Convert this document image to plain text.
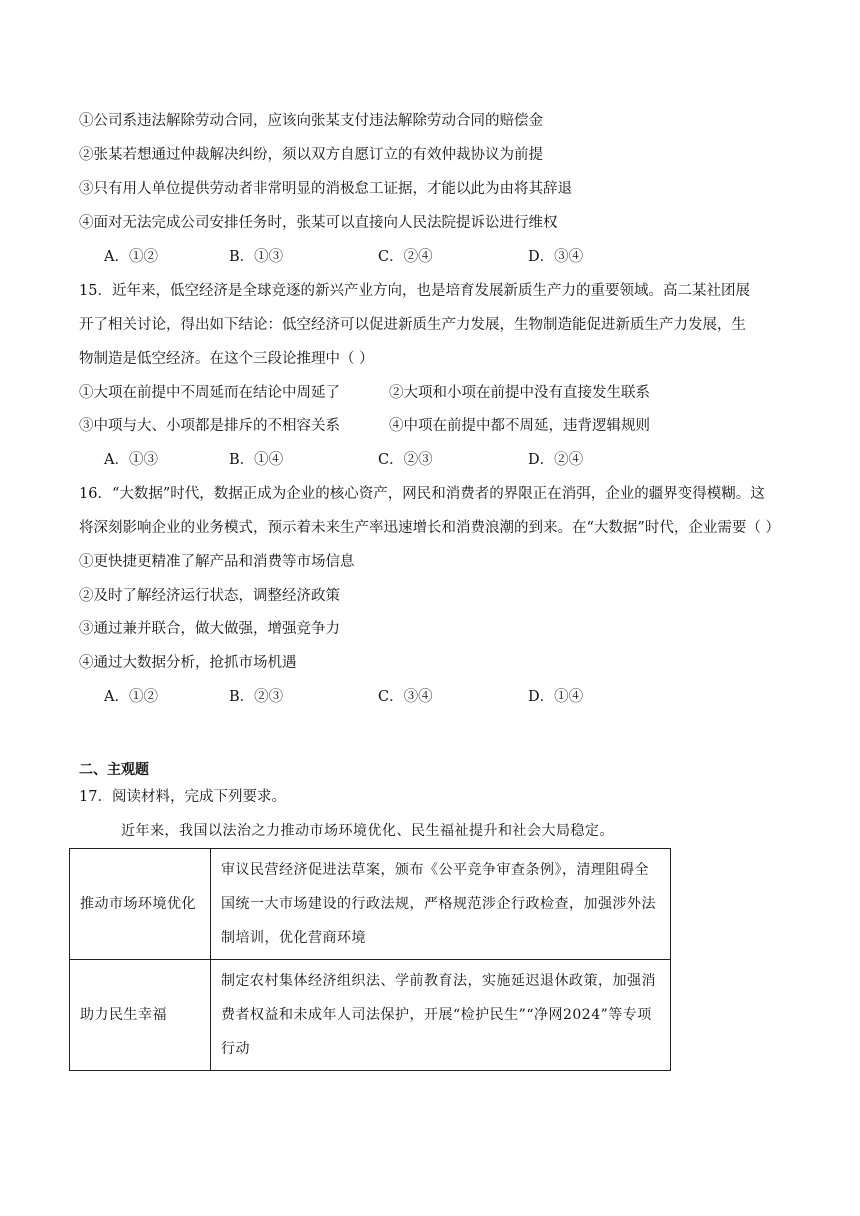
①公司系违法解除劳动合同，应该向张某支付违法解除劳动合同的赔偿金
②张某若想通过仲裁解决纠纷，须以双方自愿订立的有效仲裁协议为前提
③只有用人单位提供劳动者非常明显的消极怠工证据，才能以此为由将其辞退
④面对无法完成公司安排任务时，张某可以直接向人民法院提诉讼进行维权
A．①②	B．①③	C．②④	D．③④
15．近年来，低空经济是全球竞逐的新兴产业方向，也是培育发展新质生产力的重要领域。高二某社团展
开了相关讨论，得出如下结论：低空经济可以促进新质生产力发展，生物制造能促进新质生产力发展，生
物制造是低空经济。在这个三段论推理中（ ）
①大项在前提中不周延而在结论中周延了	②大项和小项在前提中没有直接发生联系
③中项与大、小项都是排斥的不相容关系	④中项在前提中都不周延，违背逻辑规则
A．①③	B．①④	C．②③	D．②④
16．“大数据”时代，数据正成为企业的核心资产，网民和消费者的界限正在消弭，企业的疆界变得模糊。这
将深刻影响企业的业务模式，预示着未来生产率迅速增长和消费浪潮的到来。在“大数据”时代，企业需要（ ）
①更快捷更精准了解产品和消费等市场信息
②及时了解经济运行状态，调整经济政策
③通过兼并联合，做大做强，增强竞争力
④通过大数据分析，抢抓市场机遇
A．①②	B．②③	C．③④	D．①④
二、主观题
17．阅读材料，完成下列要求。
近年来，我国以法治之力推动市场环境优化、民生福祉提升和社会大局稳定。
推动市场环境优化	审议民营经济促进法草案，颁布《公平竞争审查条例》，清理阻碍全国统一大市场建设的行政法规，严格规范涉企行政检查，加强涉外法制培训，优化营商环境
助力民生幸福	制定农村集体经济组织法、学前教育法，实施延迟退休政策，加强消费者权益和未成年人司法保护，开展“检护民生”“净网2024”等专项行动
